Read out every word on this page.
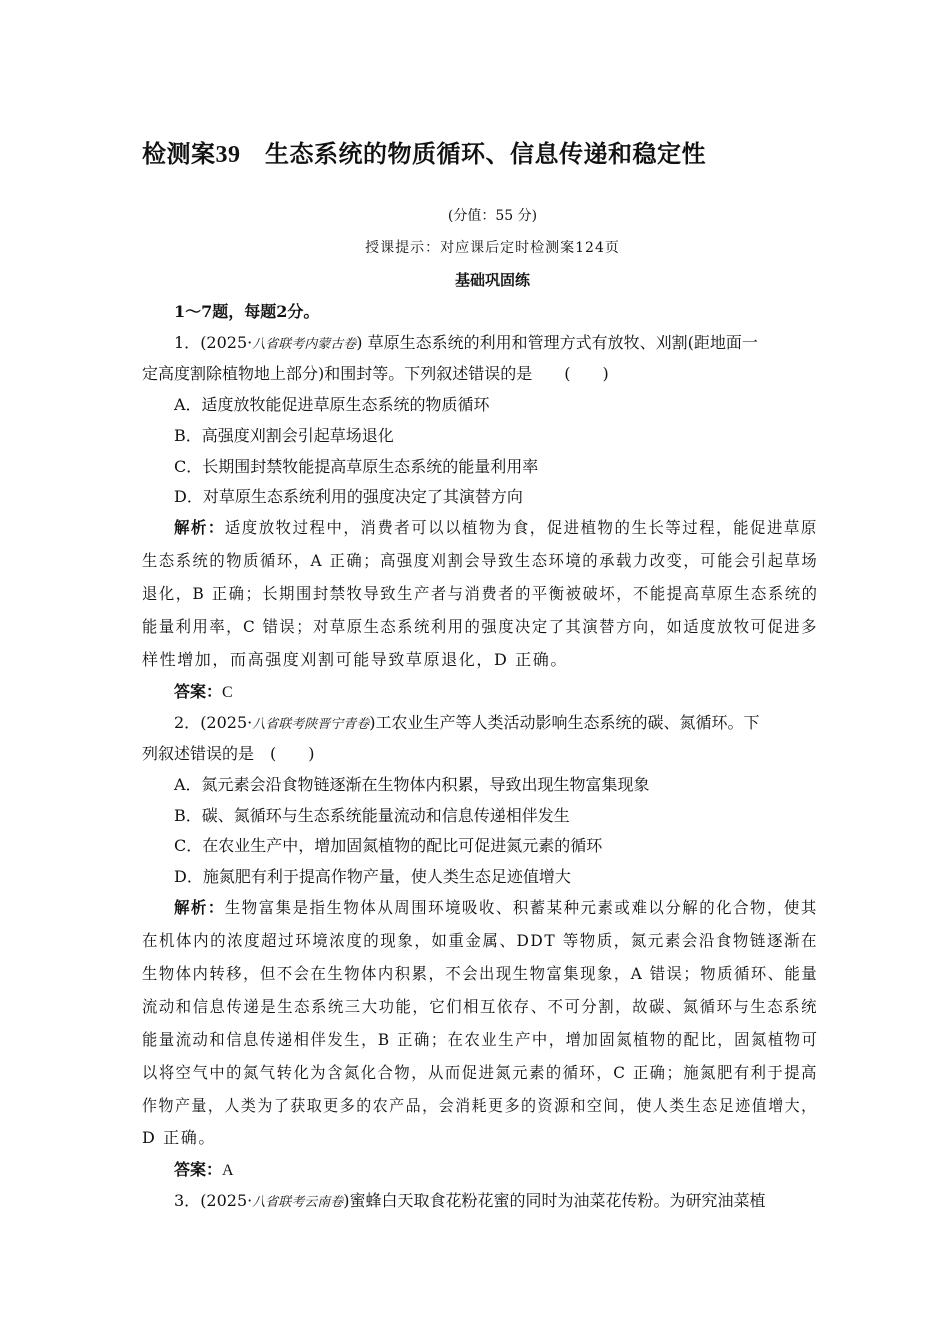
检测案39　 生态系统的物质循环、信息传递和稳定性
(分值：55 分)
授课提示：对应课后定时检测案124页
基础巩固练
1～7题，每题2分。
1．(2025·八省联考内蒙古卷) 草原生态系统的利用和管理方式有放牧、刈割(距地面一
定高度割除植物地上部分)和围封等。下列叙述错误的是　　(　　)
A．适度放牧能促进草原生态系统的物质循环
B．高强度刈割会引起草场退化
C．长期围封禁牧能提高草原生态系统的能量利用率
D．对草原生态系统利用的强度决定了其演替方向
解析：适度放牧过程中，消费者可以以植物为食，促进植物的生长等过程，能促进草原
生态系统的物质循环，A 正确；高强度刈割会导致生态环境的承载力改变，可能会引起草场
退化，B 正确；长期围封禁牧导致生产者与消费者的平衡被破坏，不能提高草原生态系统的
能量利用率，C 错误；对草原生态系统利用的强度决定了其演替方向，如适度放牧可促进多
样性增加，而高强度刈割可能导致草原退化，D 正确。
答案：C
2．(2025·八省联考陕晋宁青卷)工农业生产等人类活动影响生态系统的碳、氮循环。下
列叙述错误的是　(　　)
A．氮元素会沿食物链逐渐在生物体内积累，导致出现生物富集现象
B．碳、氮循环与生态系统能量流动和信息传递相伴发生
C．在农业生产中，增加固氮植物的配比可促进氮元素的循环
D．施氮肥有利于提高作物产量，使人类生态足迹值增大
解析：生物富集是指生物体从周围环境吸收、积蓄某种元素或难以分解的化合物，使其
在机体内的浓度超过环境浓度的现象，如重金属、DDT 等物质，氮元素会沿食物链逐渐在
生物体内转移，但不会在生物体内积累，不会出现生物富集现象，A 错误；物质循环、能量
流动和信息传递是生态系统三大功能，它们相互依存、不可分割，故碳、氮循环与生态系统
能量流动和信息传递相伴发生，B 正确；在农业生产中，增加固氮植物的配比，固氮植物可
以将空气中的氮气转化为含氮化合物，从而促进氮元素的循环，C 正确；施氮肥有利于提高
作物产量，人类为了获取更多的农产品，会消耗更多的资源和空间，使人类生态足迹值增大，
D 正确。
答案：A
3．(2025·八省联考云南卷)蜜蜂白天取食花粉花蜜的同时为油菜花传粉。为研究油菜植
